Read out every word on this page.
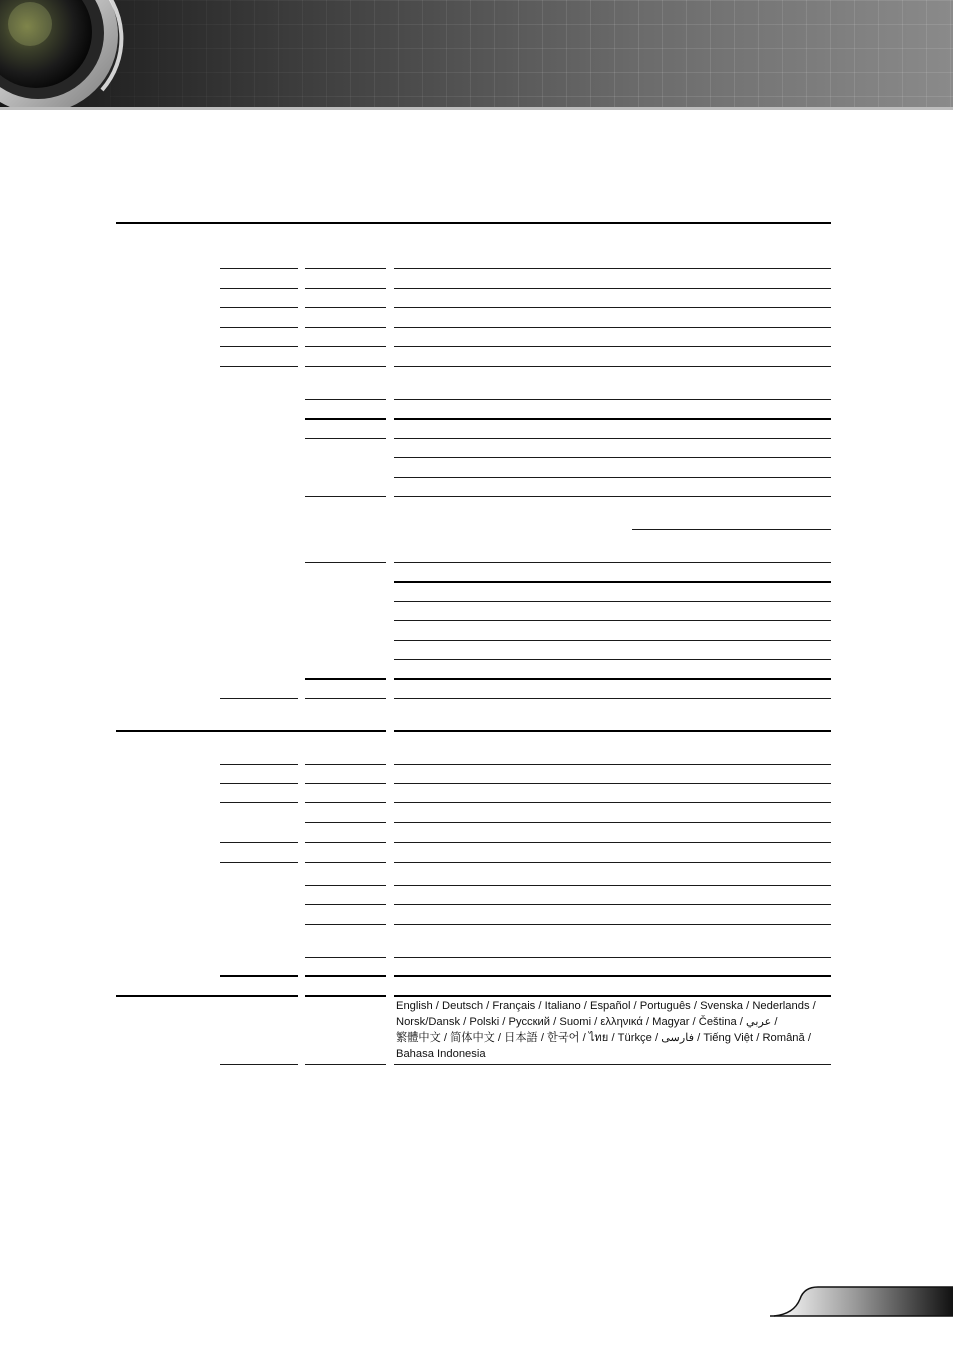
English / Deutsch / Français / Italiano / Español / Português / Svenska / Nederlands /
Norsk/Dansk / Polski / Русский / Suomi / ελληνικά / Magyar / Čeština / عربي /
繁體中文 / 简体中文 / 日本語 / 한국어 / ไทย / Türkçe / فارسی / Tiếng Việt / Română /
Bahasa Indonesia
